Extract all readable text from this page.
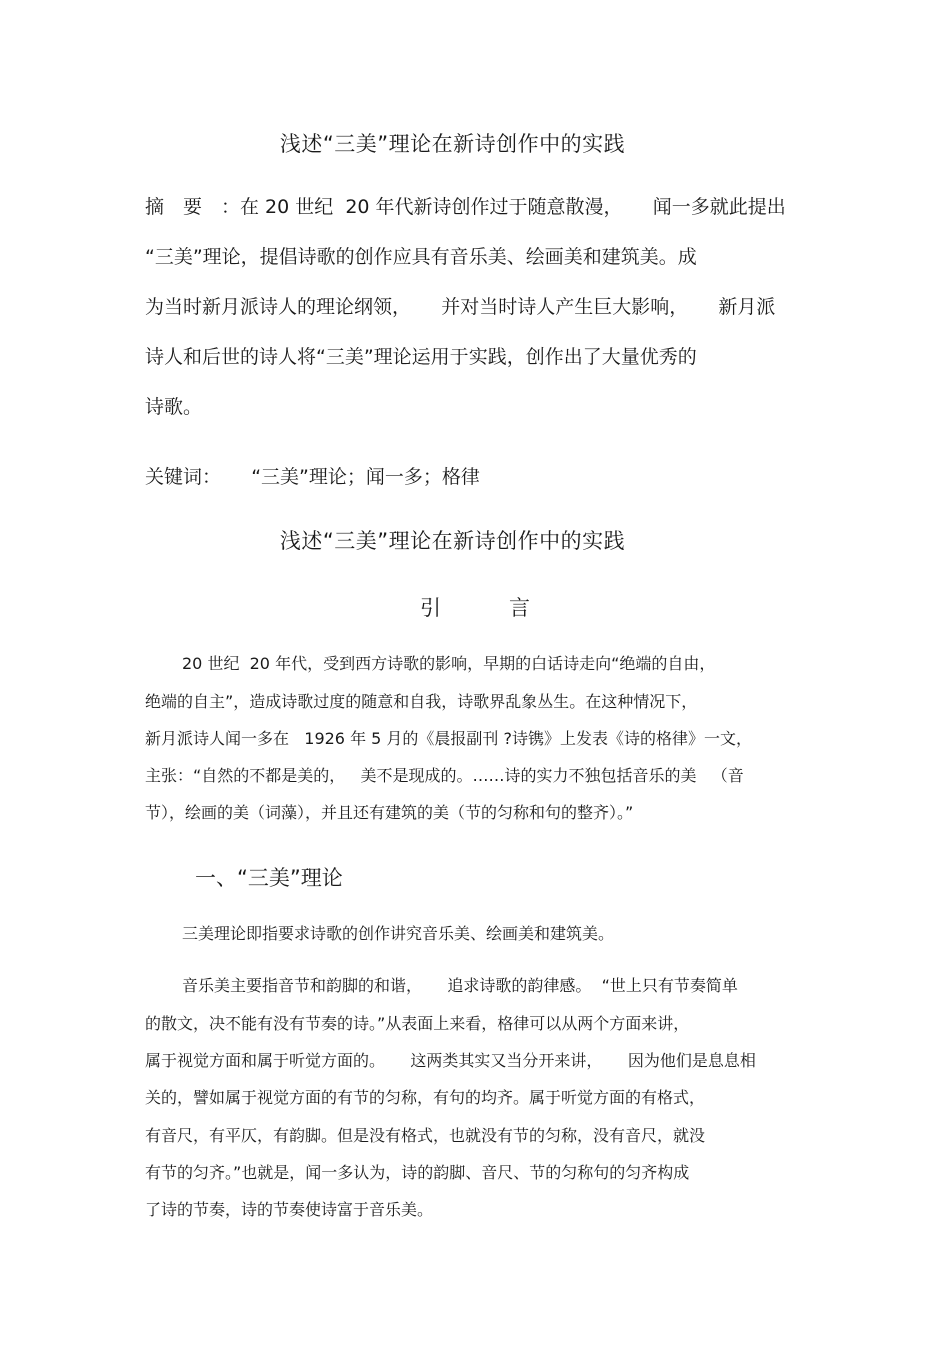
浅述“三美”理论在新诗创作中的实践
摘　要　：在 20 世纪  20 年代新诗创作过于随意散漫，     闻一多就此提出
“三美”理论，提倡诗歌的创作应具有音乐美、绘画美和建筑美。成
为当时新月派诗人的理论纲领，     并对当时诗人产生巨大影响，     新月派
诗人和后世的诗人将“三美”理论运用于实践，创作出了大量优秀的
诗歌。
关键词：     “三美”理论；闻一多；格律
浅述“三美”理论在新诗创作中的实践
引	言
20 世纪  20 年代，受到西方诗歌的影响，早期的白话诗走向“绝端的自由，
绝端的自主”，造成诗歌过度的随意和自我，诗歌界乱象丛生。在这种情况下，
新月派诗人闻一多在   1926 年 5 月的《晨报副刊 ?诗镌》上发表《诗的格律》一文，
主张：“自然的不都是美的，   美不是现成的。……诗的实力不独包括音乐的美   （音
节），绘画的美（词藻），并且还有建筑的美（节的匀称和句的整齐）。”
一、“三美”理论
三美理论即指要求诗歌的创作讲究音乐美、绘画美和建筑美。
音乐美主要指音节和韵脚的和谐，     追求诗歌的韵律感。  “世上只有节奏简单
的散文，决不能有没有节奏的诗。”从表面上来看，格律可以从两个方面来讲，
属于视觉方面和属于听觉方面的。     这两类其实又当分开来讲，     因为他们是息息相
关的，譬如属于视觉方面的有节的匀称，有句的均齐。属于听觉方面的有格式，
有音尺，有平仄，有韵脚。但是没有格式，也就没有节的匀称，没有音尺，就没
有节的匀齐。”也就是，闻一多认为，诗的韵脚、音尺、节的匀称句的匀齐构成
了诗的节奏，诗的节奏使诗富于音乐美。
